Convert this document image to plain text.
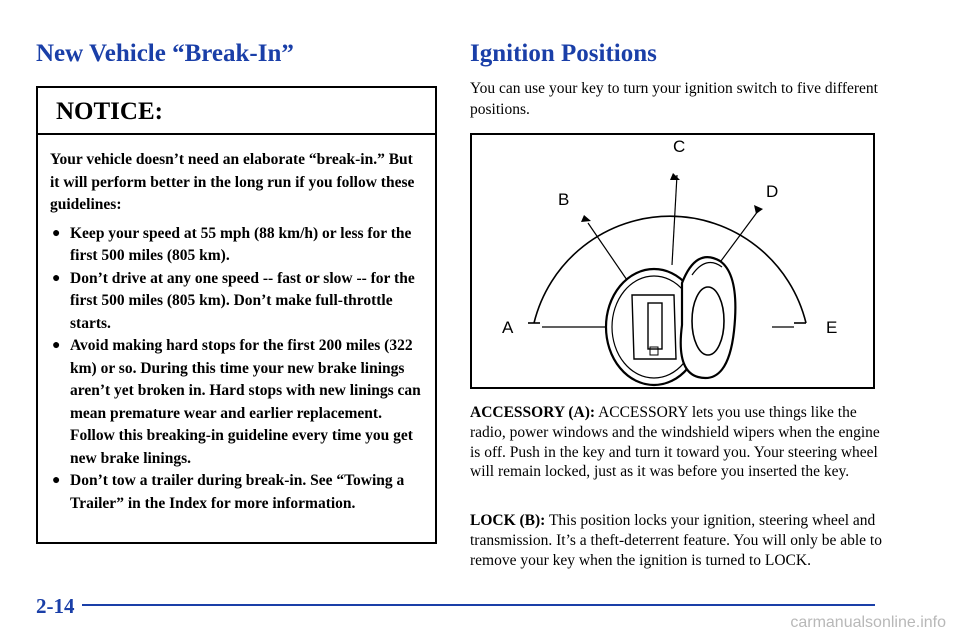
New Vehicle “Break-In”
NOTICE:

Your vehicle doesn’t need an elaborate “break‐in.” But it will perform better in the long run if you follow these guidelines:

● Keep your speed at 55 mph (88 km/h) or less for the first 500 miles (805 km).
● Don’t drive at any one speed ‐‐ fast or slow ‐‐ for the first 500 miles (805 km). Don’t make full‐throttle starts.
● Avoid making hard stops for the first 200 miles (322 km) or so. During this time your new brake linings aren’t yet broken in. Hard stops with new linings can mean premature wear and earlier replacement. Follow this breaking‐in guideline every time you get new brake linings.
● Don’t tow a trailer during break‐in. See “Towing a Trailer” in the Index for more information.
Ignition Positions

You can use your key to turn your ignition switch to five different positions.

A
B
C
D
E

ACCESSORY (A): ACCESSORY lets you use things like the radio, power windows and the windshield wipers when the engine is off. Push in the key and turn it toward you. Your steering wheel will remain locked, just as it was before you inserted the key.

LOCK (B): This position locks your ignition, steering wheel and transmission. It’s a theft‐deterrent feature. You will only be able to remove your key when the ignition is turned to LOCK.

2-14

carmanualsonline.info
